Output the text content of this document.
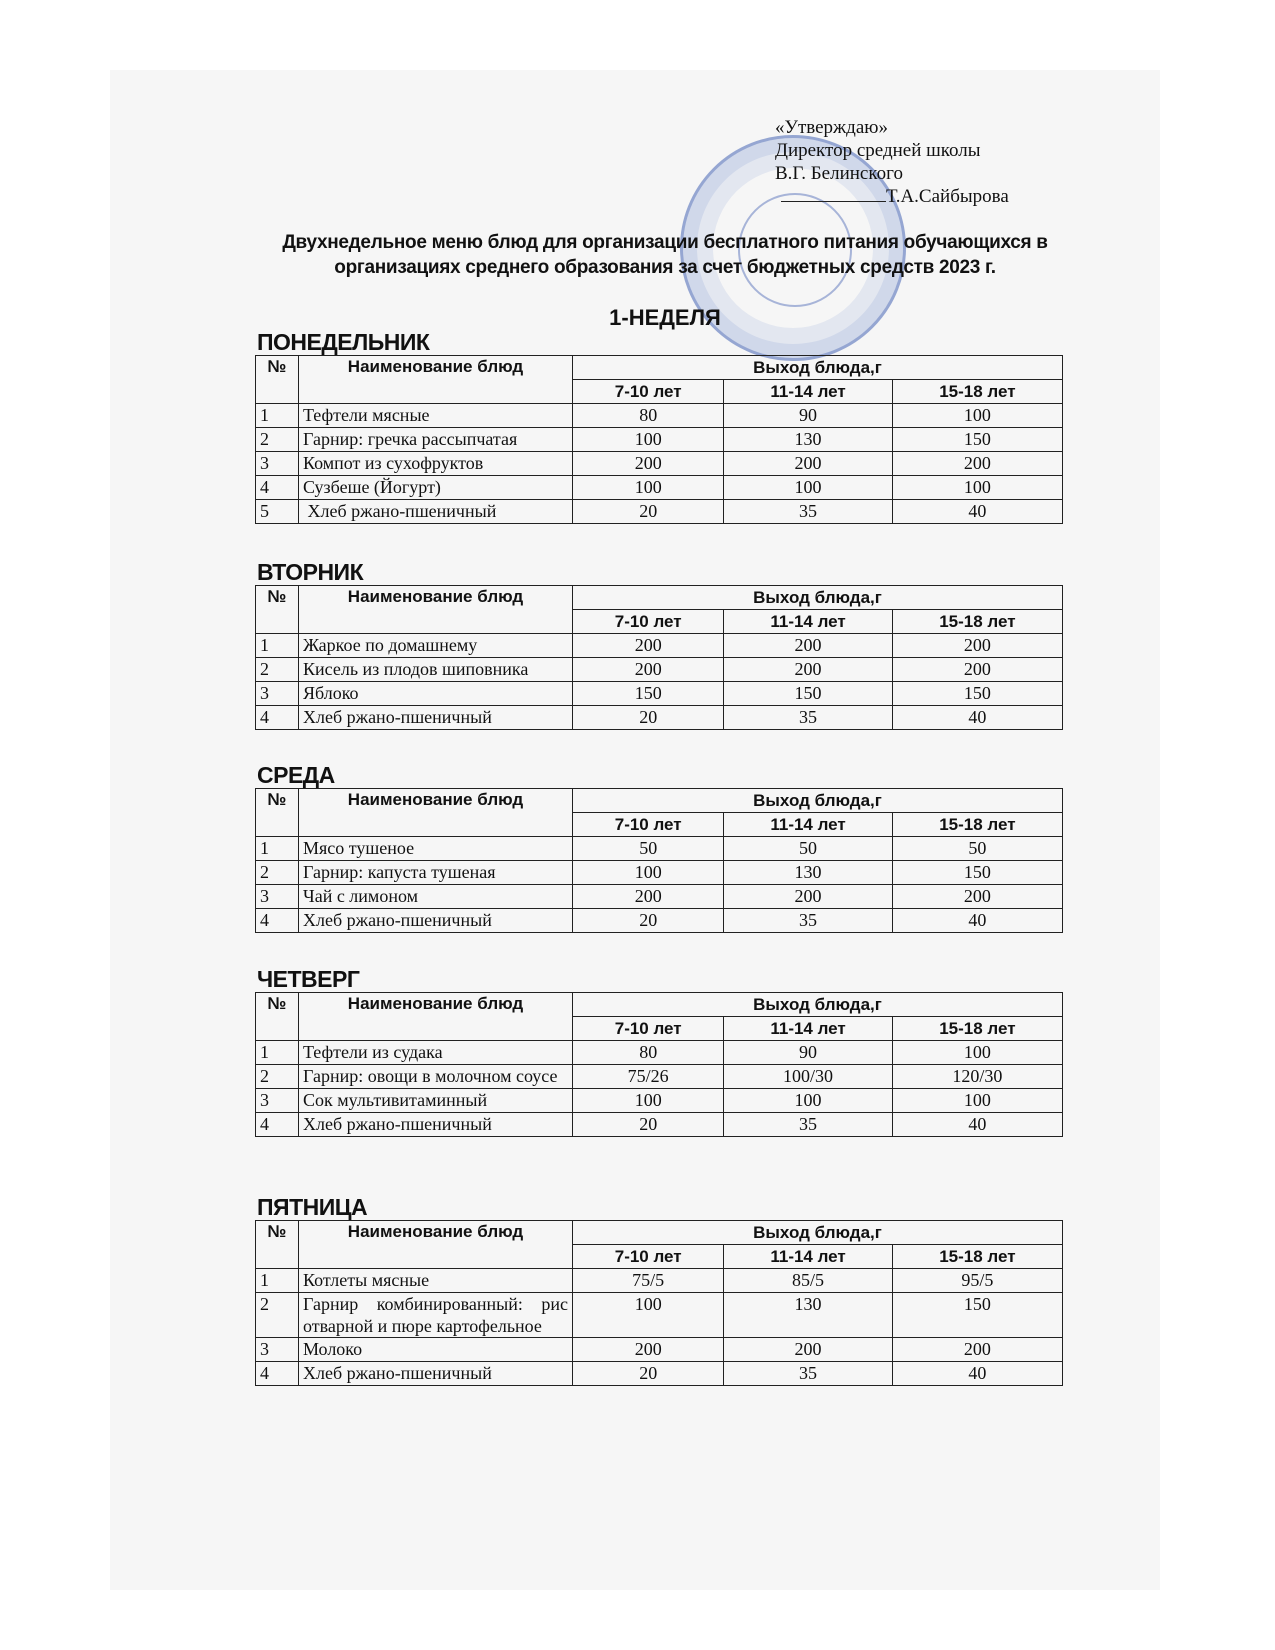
«Утверждаю»
Директор средней школы
В.Г. Белинского
Т.А.Сайбырова
Двухнедельное меню блюд для организации бесплатного питания обучающихся в
организациях среднего образования за счет бюджетных средств 2023 г.
1-НЕДЕЛЯ
ПОНЕДЕЛЬНИК
№	Наименование блюд	Выход блюда,г		
		7-10 лет	11-14 лет	15-18 лет
1	Тефтели мясные	80	90	100
2	Гарнир: гречка рассыпчатая	100	130	150
3	Компот из сухофруктов	200	200	200
4	Сузбеше (Йогурт)	100	100	100
5	Хлеб ржано-пшеничный	20	35	40
ВТОРНИК
№	Наименование блюд	Выход блюда,г		
		7-10 лет	11-14 лет	15-18 лет
1	Жаркое по домашнему	200	200	200
2	Кисель из плодов шиповника	200	200	200
3	Яблоко	150	150	150
4	Хлеб ржано-пшеничный	20	35	40
СРЕДА
№	Наименование блюд	Выход блюда,г		
		7-10 лет	11-14 лет	15-18 лет
1	Мясо тушеное	50	50	50
2	Гарнир: капуста тушеная	100	130	150
3	Чай с лимоном	200	200	200
4	Хлеб ржано-пшеничный	20	35	40
ЧЕТВЕРГ
№	Наименование блюд	Выход блюда,г		
		7-10 лет	11-14 лет	15-18 лет
1	Тефтели из судака	80	90	100
2	Гарнир: овощи в молочном соусе	75/26	100/30	120/30
3	Сок мультивитаминный	100	100	100
4	Хлеб ржано-пшеничный	20	35	40
ПЯТНИЦА
№	Наименование блюд	Выход блюда,г		
		7-10 лет	11-14 лет	15-18 лет
1	Котлеты мясные	75/5	85/5	95/5
2	Гарнир комбинированный: рис отварной и пюре картофельное	100	130	150
3	Молоко	200	200	200
4	Хлеб ржано-пшеничный	20	35	40
